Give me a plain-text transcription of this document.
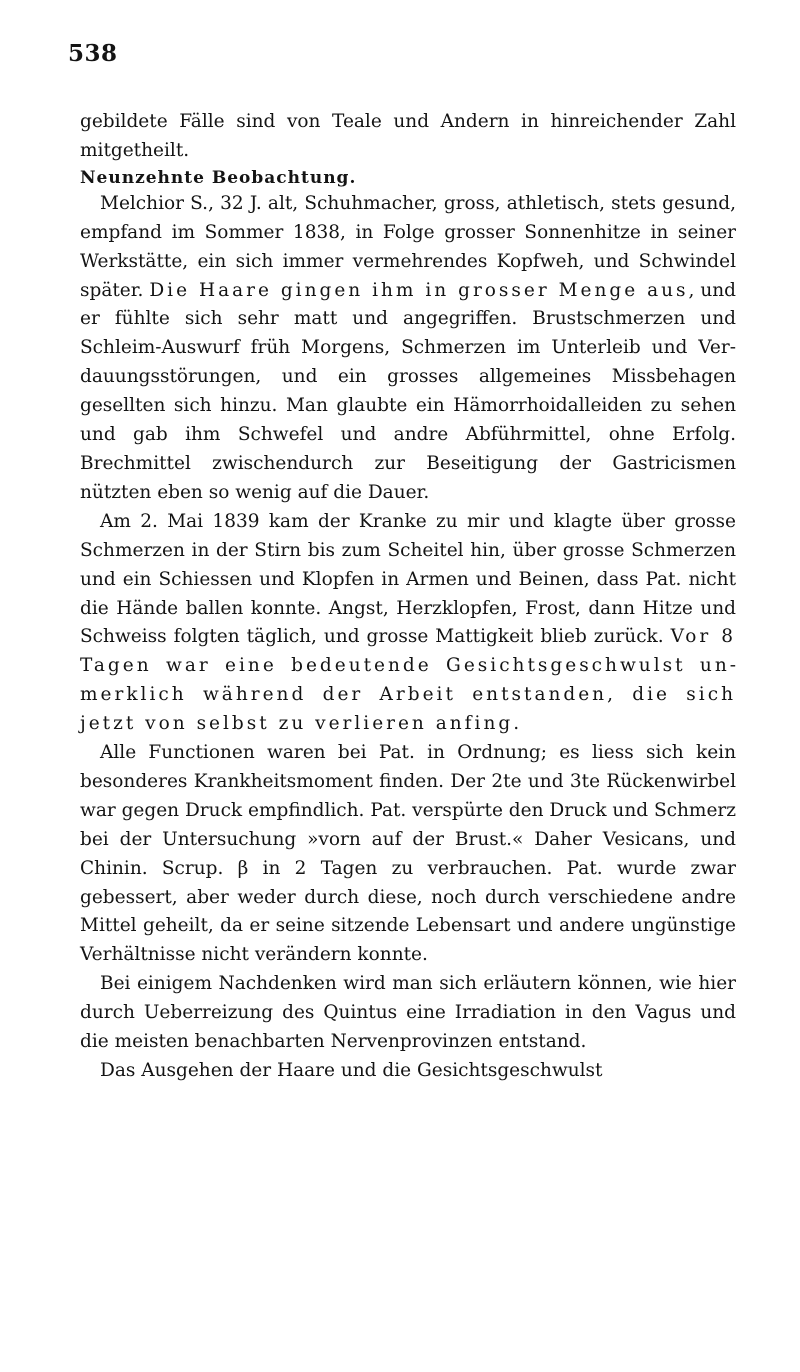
538

gebildete Fälle sind von Teale und Andern in hinreichender Zahl mitgetheilt.

Neunzehnte Beobachtung.

Melchior S., 32 J. alt, Schuhmacher, gross, athletisch, stets gesund, empfand im Sommer 1838, in Folge grosser Sonnenhitze in seiner Werkstätte, ein sich immer vermehrendes Kopfweh, und Schwindel später. Die Haare gingen ihm in grosser Menge aus, und er fühlte sich sehr matt und angegriffen. Brustschmerzen und Schleim-Auswurf früh Morgens, Schmerzen im Unterleib und Verdauungsstörungen, und ein grosses allgemeines Missbehagen gesellten sich hinzu. Man glaubte ein Hämorrhoidalleiden zu sehen und gab ihm Schwefel und andre Abführmittel, ohne Erfolg. Brechmittel zwischendurch zur Beseitigung der Gastricismen nützten eben so wenig auf die Dauer.

Am 2. Mai 1839 kam der Kranke zu mir und klagte über grosse Schmerzen in der Stirn bis zum Scheitel hin, über grosse Schmerzen und ein Schiessen und Klopfen in Armen und Beinen, dass Pat. nicht die Hände ballen konnte. Angst, Herzklopfen, Frost, dann Hitze und Schweiss folgten täglich, und grosse Mattigkeit blieb zurück. Vor 8 Tagen war eine bedeutende Gesichtsgeschwulst unmerklich während der Arbeit entstanden, die sich jetzt von selbst zu verlieren anfing.

Alle Functionen waren bei Pat. in Ordnung; es liess sich kein besonderes Krankheitsmoment finden. Der 2te und 3te Rückenwirbel war gegen Druck empfindlich. Pat. verspürte den Druck und Schmerz bei der Untersuchung »vorn auf der Brust.« Daher Vesicans, und Chinin. Scrup. β in 2 Tagen zu verbrauchen. Pat. wurde zwar gebessert, aber weder durch diese, noch durch verschiedene andre Mittel geheilt, da er seine sitzende Lebensart und andere ungünstige Verhältnisse nicht verändern konnte.

Bei einigem Nachdenken wird man sich erläutern können, wie hier durch Ueberreizung des Quintus eine Irradiation in den Vagus und die meisten benachbarten Nervenprovinzen entstand.

Das Ausgehen der Haare und die Gesichtsgeschwulst
